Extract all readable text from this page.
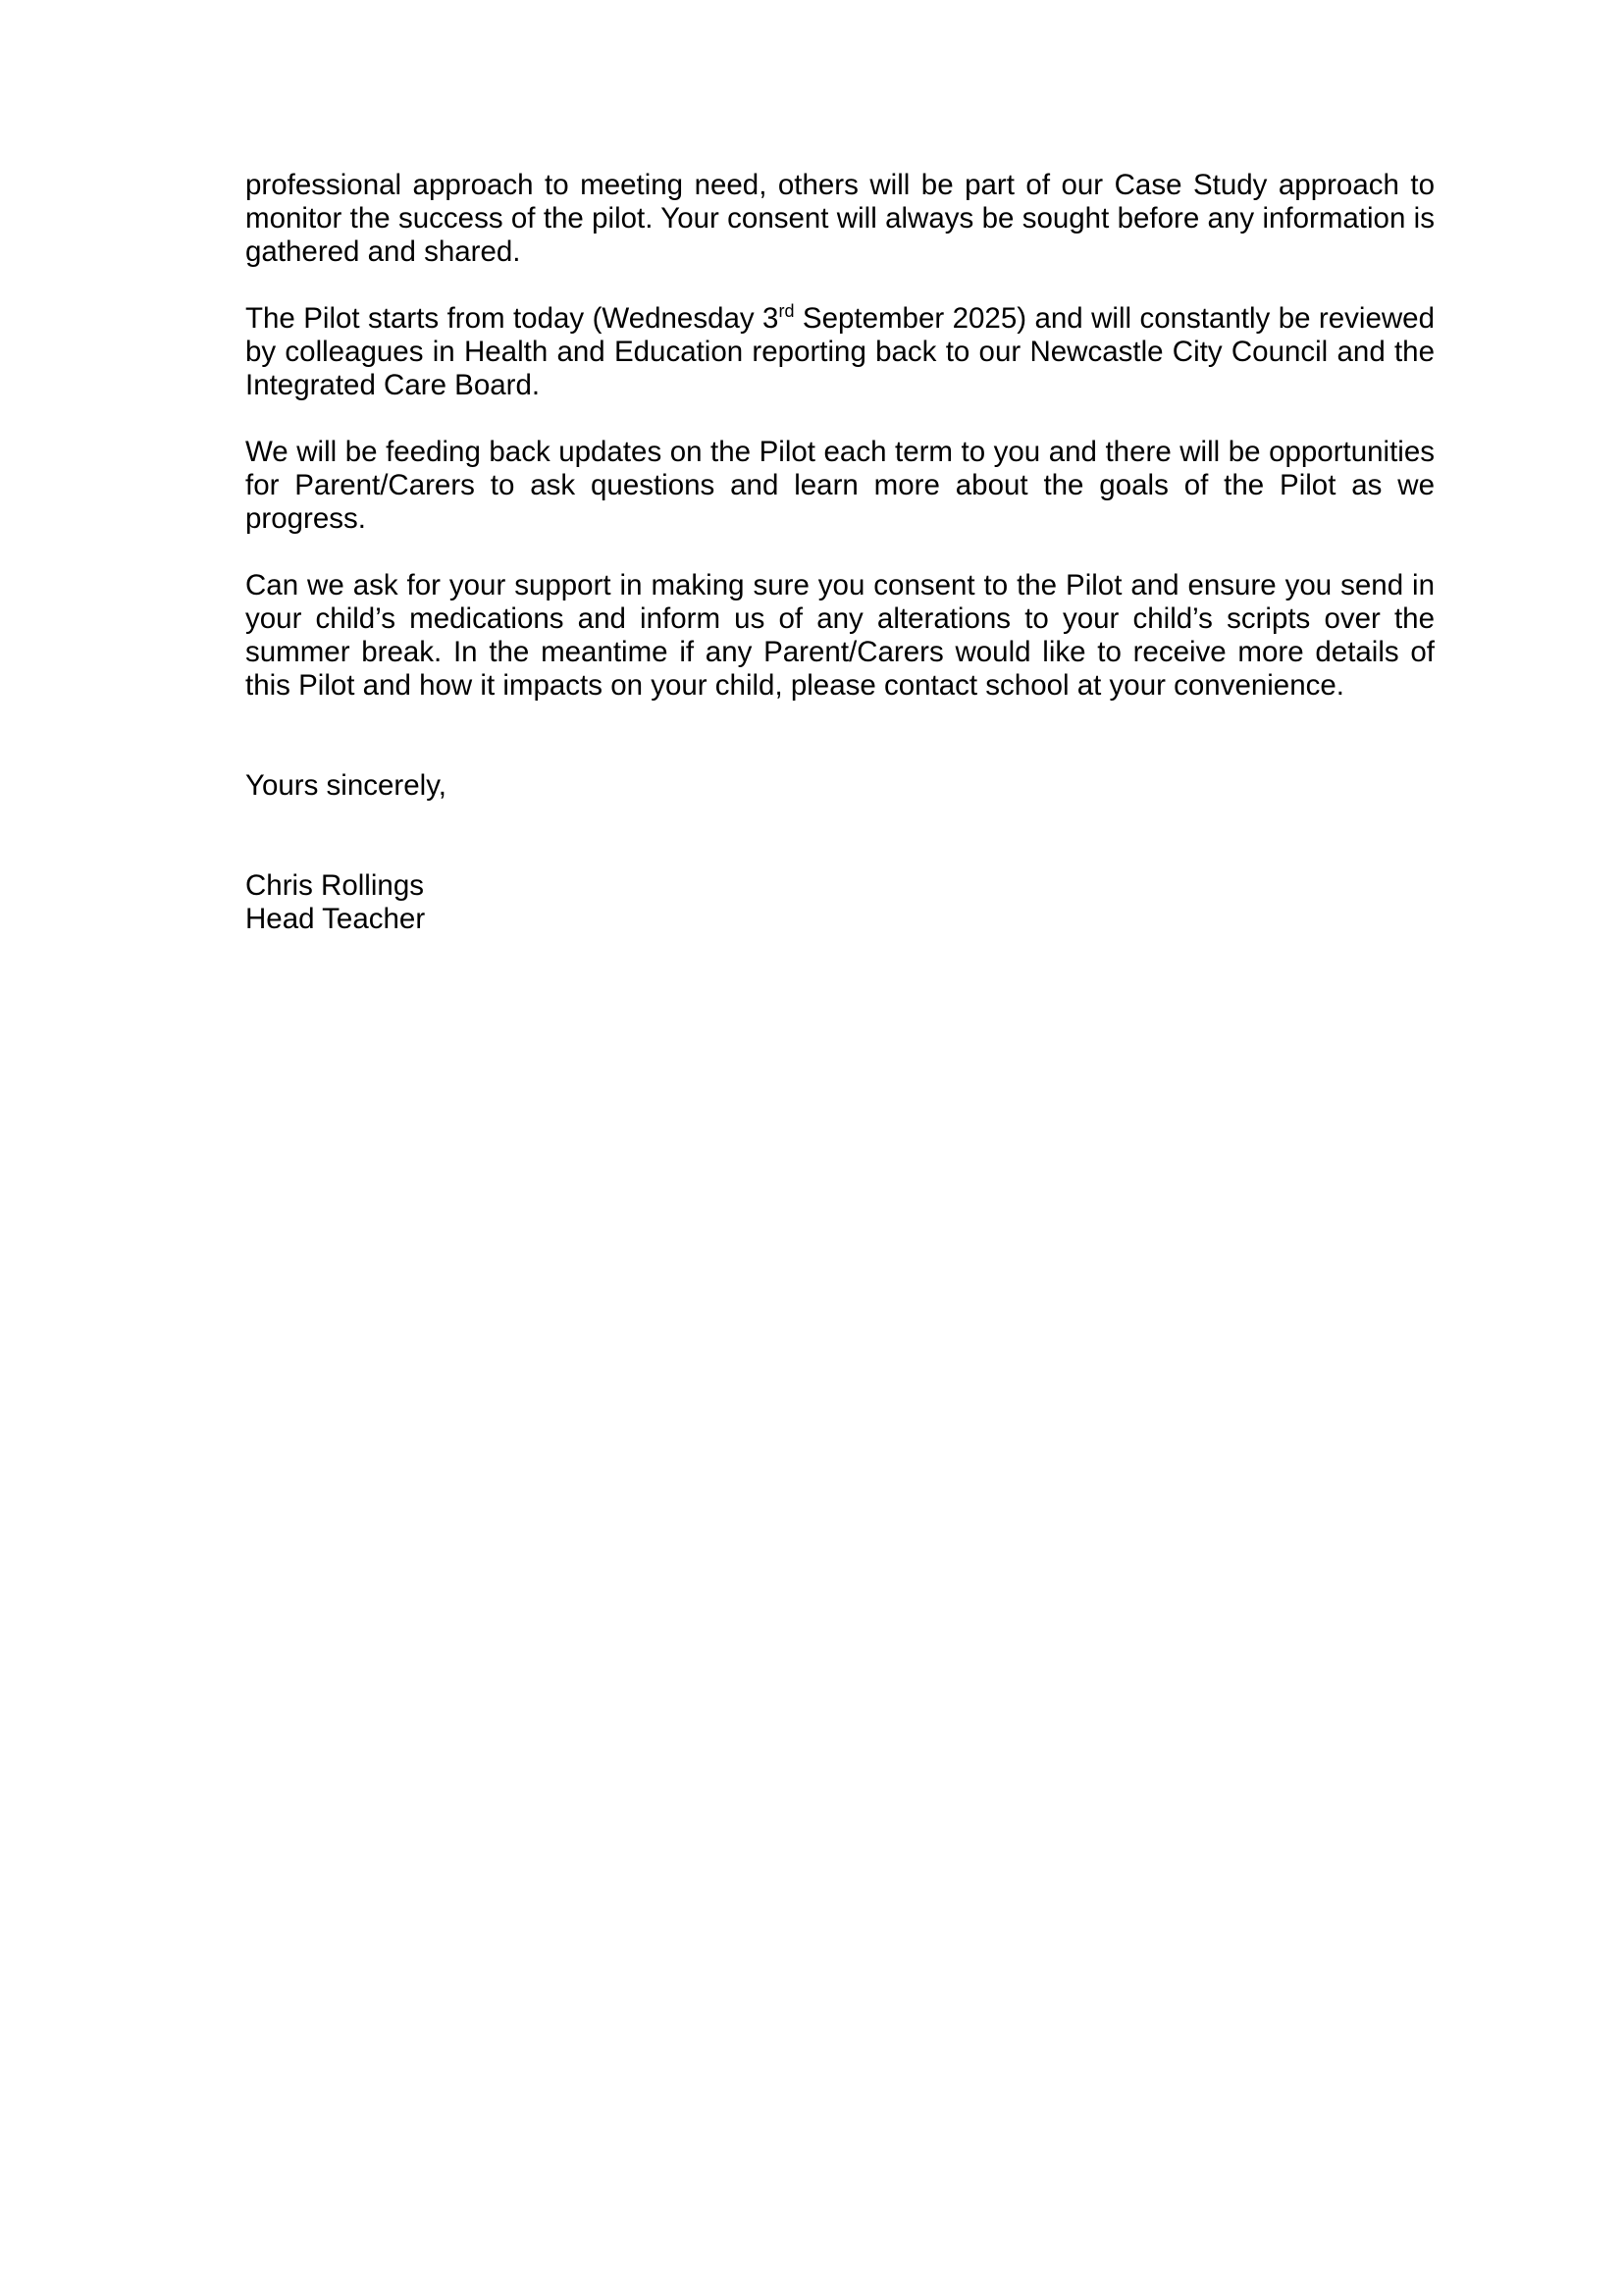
professional approach to meeting need, others will be part of our Case Study approach to monitor the success of the pilot. Your consent will always be sought before any information is gathered and shared.

The Pilot starts from today (Wednesday 3rd September 2025) and will constantly be reviewed by colleagues in Health and Education reporting back to our Newcastle City Council and the Integrated Care Board.

We will be feeding back updates on the Pilot each term to you and there will be opportunities for Parent/Carers to ask questions and learn more about the goals of the Pilot as we progress.

Can we ask for your support in making sure you consent to the Pilot and ensure you send in your child’s medications and inform us of any alterations to your child’s scripts over the summer break. In the meantime if any Parent/Carers would like to receive more details of this Pilot and how it impacts on your child, please contact school at your convenience.

Yours sincerely,
Chris Rollings
Head Teacher
